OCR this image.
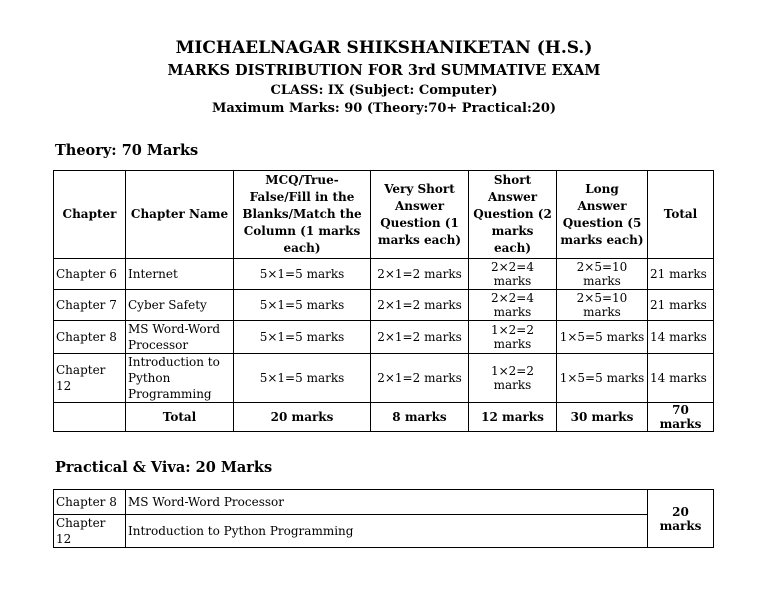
MICHAELNAGAR SHIKSHANIKETAN (H.S.)
MARKS DISTRIBUTION FOR 3rd SUMMATIVE EXAM
CLASS: IX (Subject: Computer)
Maximum Marks: 90 (Theory:70+ Practical:20)
Theory: 70 Marks
Chapter	Chapter Name	MCQ/True-False/Fill in the Blanks/Match the Column (1 marks each)	Very Short Answer Question (1 marks each)	Short Answer Question (2 marks each)	Long Answer Question (5 marks each)	Total
Chapter 6	Internet	5×1=5 marks	2×1=2 marks	2×2=4 marks	2×5=10 marks	21 marks
Chapter 7	Cyber Safety	5×1=5 marks	2×1=2 marks	2×2=4 marks	2×5=10 marks	21 marks
Chapter 8	MS Word-Word Processor	5×1=5 marks	2×1=2 marks	1×2=2 marks	1×5=5 marks	14 marks
Chapter 12	Introduction to Python Programming	5×1=5 marks	2×1=2 marks	1×2=2 marks	1×5=5 marks	14 marks
	Total	20 marks	8 marks	12 marks	30 marks	70 marks
Practical & Viva: 20 Marks
Chapter 8	MS Word-Word Processor	20 marks
Chapter 12	Introduction to Python Programming	
